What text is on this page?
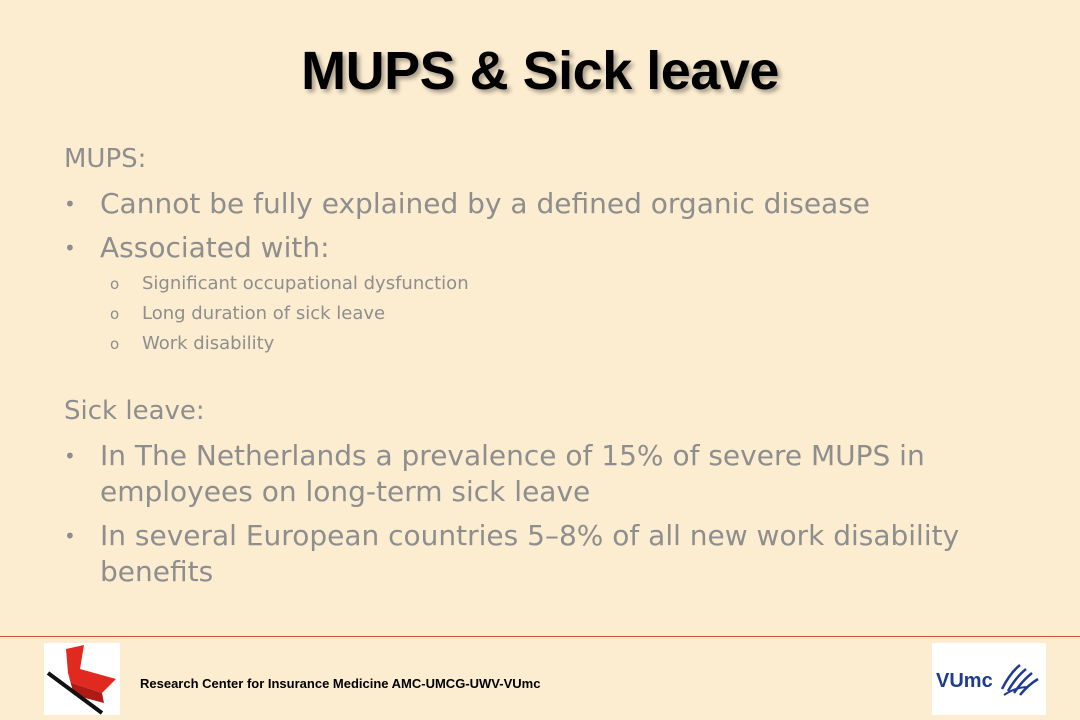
MUPS & Sick leave

MUPS:

• Cannot be fully explained by a defined organic disease
• Associated with:
o Significant occupational dysfunction
o Long duration of sick leave
o Work disability

Sick leave:

• In The Netherlands a prevalence of 15% of severe MUPS in employees on long-term sick leave
• In several European countries 5–8% of all new work disability benefits
Research Center for Insurance Medicine AMC-UMCG-UWV-VUmc	VUmc
